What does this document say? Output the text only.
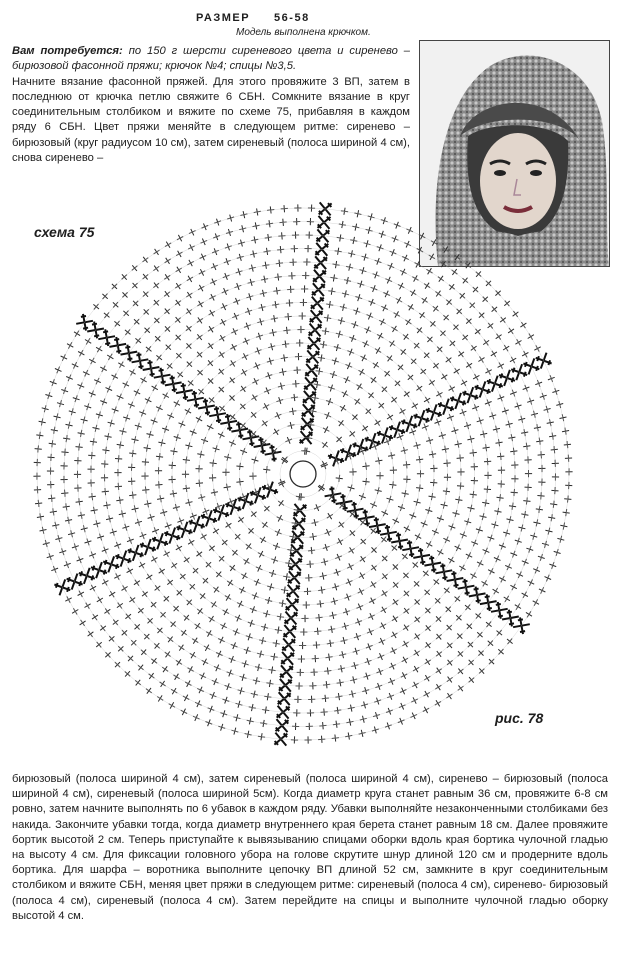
РАЗМЕР 56-58
Модель выполнена крючком.

Вам потребуется: по 150 г шерсти сиреневого цвета и сиренево – бирюзовой фасонной пряжи; крючок №4; спицы №3,5.

Начните вязание фасонной пряжей. Для этого провяжите 3 ВП, затем в последнюю от крючка петлю свяжите 6 СБН. Сомкните вязание в круг соединительным столбиком и вяжите по схеме 75, прибавляя в каждом ряду 6 СБН. Цвет пряжи меняйте в следующем ритме: сиренево – бирюзовый (круг радиусом 10 см), затем сиреневый (полоса шириной 4 см), снова сиренево –

схема 75
рис. 78

бирюзовый (полоса шириной 4 см), затем сиреневый (полоса шириной 4 см), сиренево – бирюзовый (полоса шириной 4 см), сиреневый (полоса шириной 5см). Когда диаметр круга станет равным 36 см, провяжите 6-8 см ровно, затем начните выполнять по 6 убавок в каждом ряду. Убавки выполняйте незаконченными столбиками без накида. Закончите убавки тогда, когда диаметр внутреннего края берета станет равным 18 см. Далее провяжите бортик высотой 2 см. Теперь приступайте к вывязыванию спицами оборки вдоль края бортика чулочной гладью на высоту 4 см. Для фиксации головного убора на голове скрутите шнур длиной 120 см и продерните вдоль бортика. Для шарфа – воротника выполните цепочку ВП длиной 52 см, замкните в круг соединительным столбиком и вяжите СБН, меняя цвет пряжи в следующем ритме: сиреневый (полоса 4 см), сиренево- бирюзовый (полоса 4 см), сиреневый (полоса 4 см). Затем перейдите на спицы и выполните чулочной гладью оборку высотой 4 см.
